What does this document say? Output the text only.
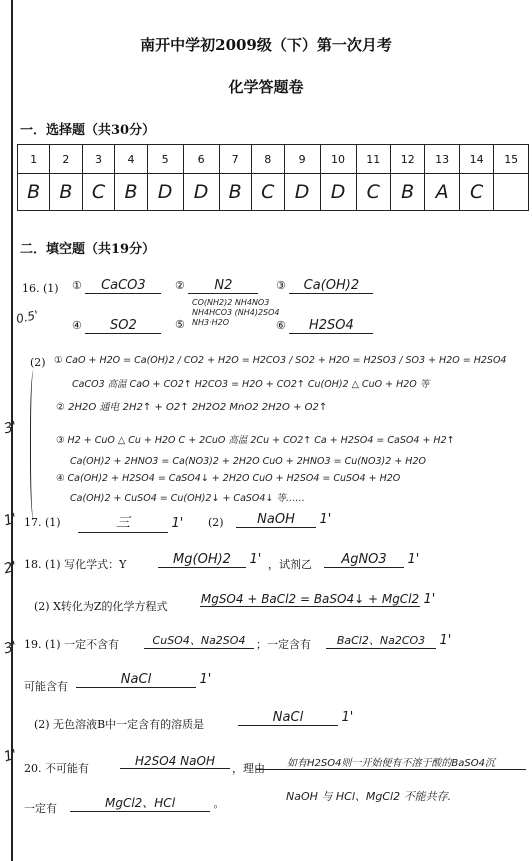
南开中学初2009级（下）第一次月考
化学答题卷
一．选择题（共30分）
1	2	3	4	5	6	7	8	9	10	11	12	13	14	15
B	B	C	B	D	D	B	C	D	D	C	B	A	C	
二．填空题（共19分）
16. (1) ① CaCO3	② N2	③ Ca(OH)2
0.5'	④ SO2	⑤
CO(NH2)2 NH4NO3
NH4HCO3 (NH4)2SO4
NH3·H2O	⑥ H2SO4
(2) ① CaO + H2O = Ca(OH)2 / CO2 + H2O = H2CO3 / SO2 + H2O = H2SO3 / SO3 + H2O = H2SO4
CaCO3 高温 CaO + CO2↑ H2CO3 = H2O + CO2↑ Cu(OH)2 △ CuO + H2O 等
② 2H2O 通电 2H2↑ + O2↑ 2H2O2 MnO2 2H2O + O2↑
③ H2 + CuO △ Cu + H2O C + 2CuO 高温 2Cu + CO2↑ Ca + H2SO4 = CaSO4 + H2↑
Ca(OH)2 + 2HNO3 = Ca(NO3)2 + 2H2O CuO + 2HNO3 = Cu(NO3)2 + H2O
④ Ca(OH)2 + H2SO4 = CaSO4↓ + 2H2O CuO + H2SO4 = CuSO4 + H2O
Ca(OH)2 + CuSO4 = Cu(OH)2↓ + CaSO4↓ 等……
17. (1)	三	1' (2)	NaOH 1'
18. (1) 写化学式：Y	Mg(OH)2 1' ，试剂乙	AgNO3 1'
(2) X转化为Z的化学方程式
MgSO4 + BaCl2 = BaSO4↓ + MgCl2 1'
19. (1) 一定不含有	CuSO4、Na2SO4 ；一定含有	BaCl2、Na2CO3 1'
可能含有	NaCl	1'
(2) 无色溶液B中一定含有的溶质是	NaCl	1'
20. 不可能有
H2SO4 NaOH
，理由	如有H2SO4则一开始便有不溶于酸的BaSO4沉
一定有	MgCl2、HCl	。
NaOH 与 HCl、MgCl2 不能共存.
3'
1'
2'
3'
1'
